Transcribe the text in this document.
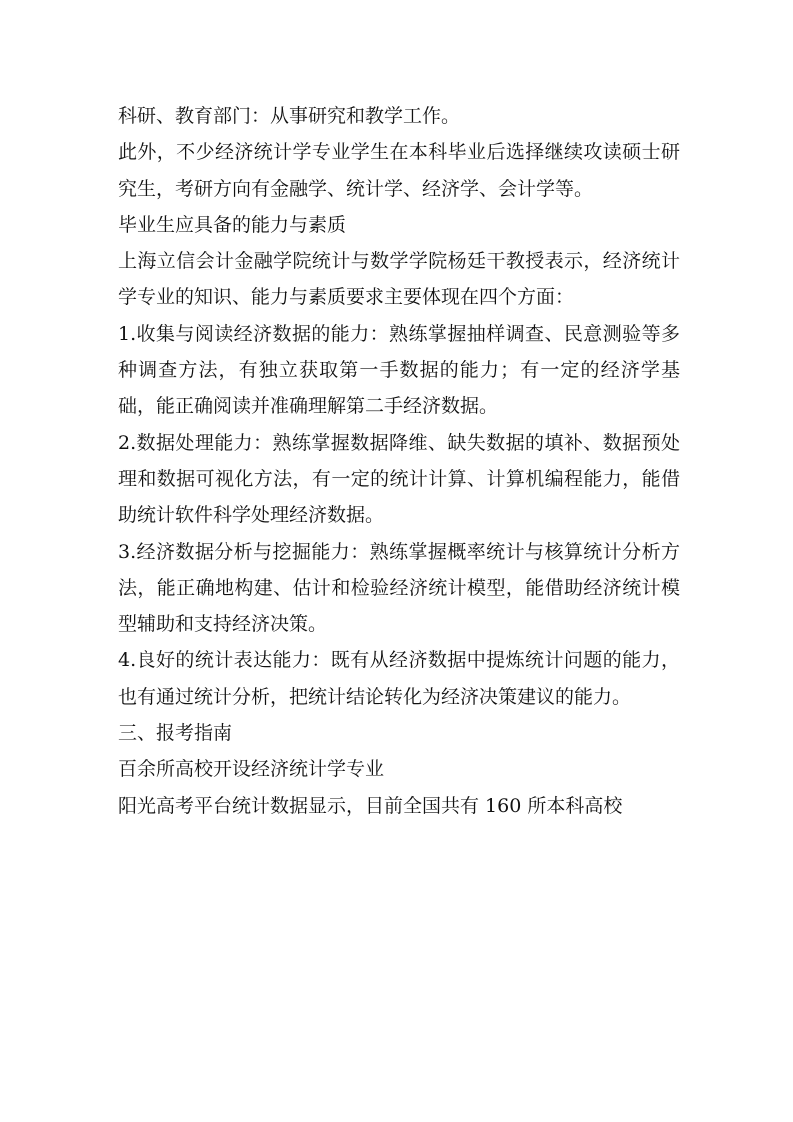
科研、教育部门：从事研究和教学工作。

此外，不少经济统计学专业学生在本科毕业后选择继续攻读硕士研究生，考研方向有金融学、统计学、经济学、会计学等。

毕业生应具备的能力与素质

上海立信会计金融学院统计与数学学院杨廷干教授表示，经济统计学专业的知识、能力与素质要求主要体现在四个方面：

1.收集与阅读经济数据的能力：熟练掌握抽样调查、民意测验等多种调查方法，有独立获取第一手数据的能力；有一定的经济学基础，能正确阅读并准确理解第二手经济数据。

2.数据处理能力：熟练掌握数据降维、缺失数据的填补、数据预处理和数据可视化方法，有一定的统计计算、计算机编程能力，能借助统计软件科学处理经济数据。

3.经济数据分析与挖掘能力：熟练掌握概率统计与核算统计分析方法，能正确地构建、估计和检验经济统计模型，能借助经济统计模型辅助和支持经济决策。

4.良好的统计表达能力：既有从经济数据中提炼统计问题的能力，也有通过统计分析，把统计结论转化为经济决策建议的能力。

三、报考指南

百余所高校开设经济统计学专业

阳光高考平台统计数据显示，目前全国共有 160 所本科高校
